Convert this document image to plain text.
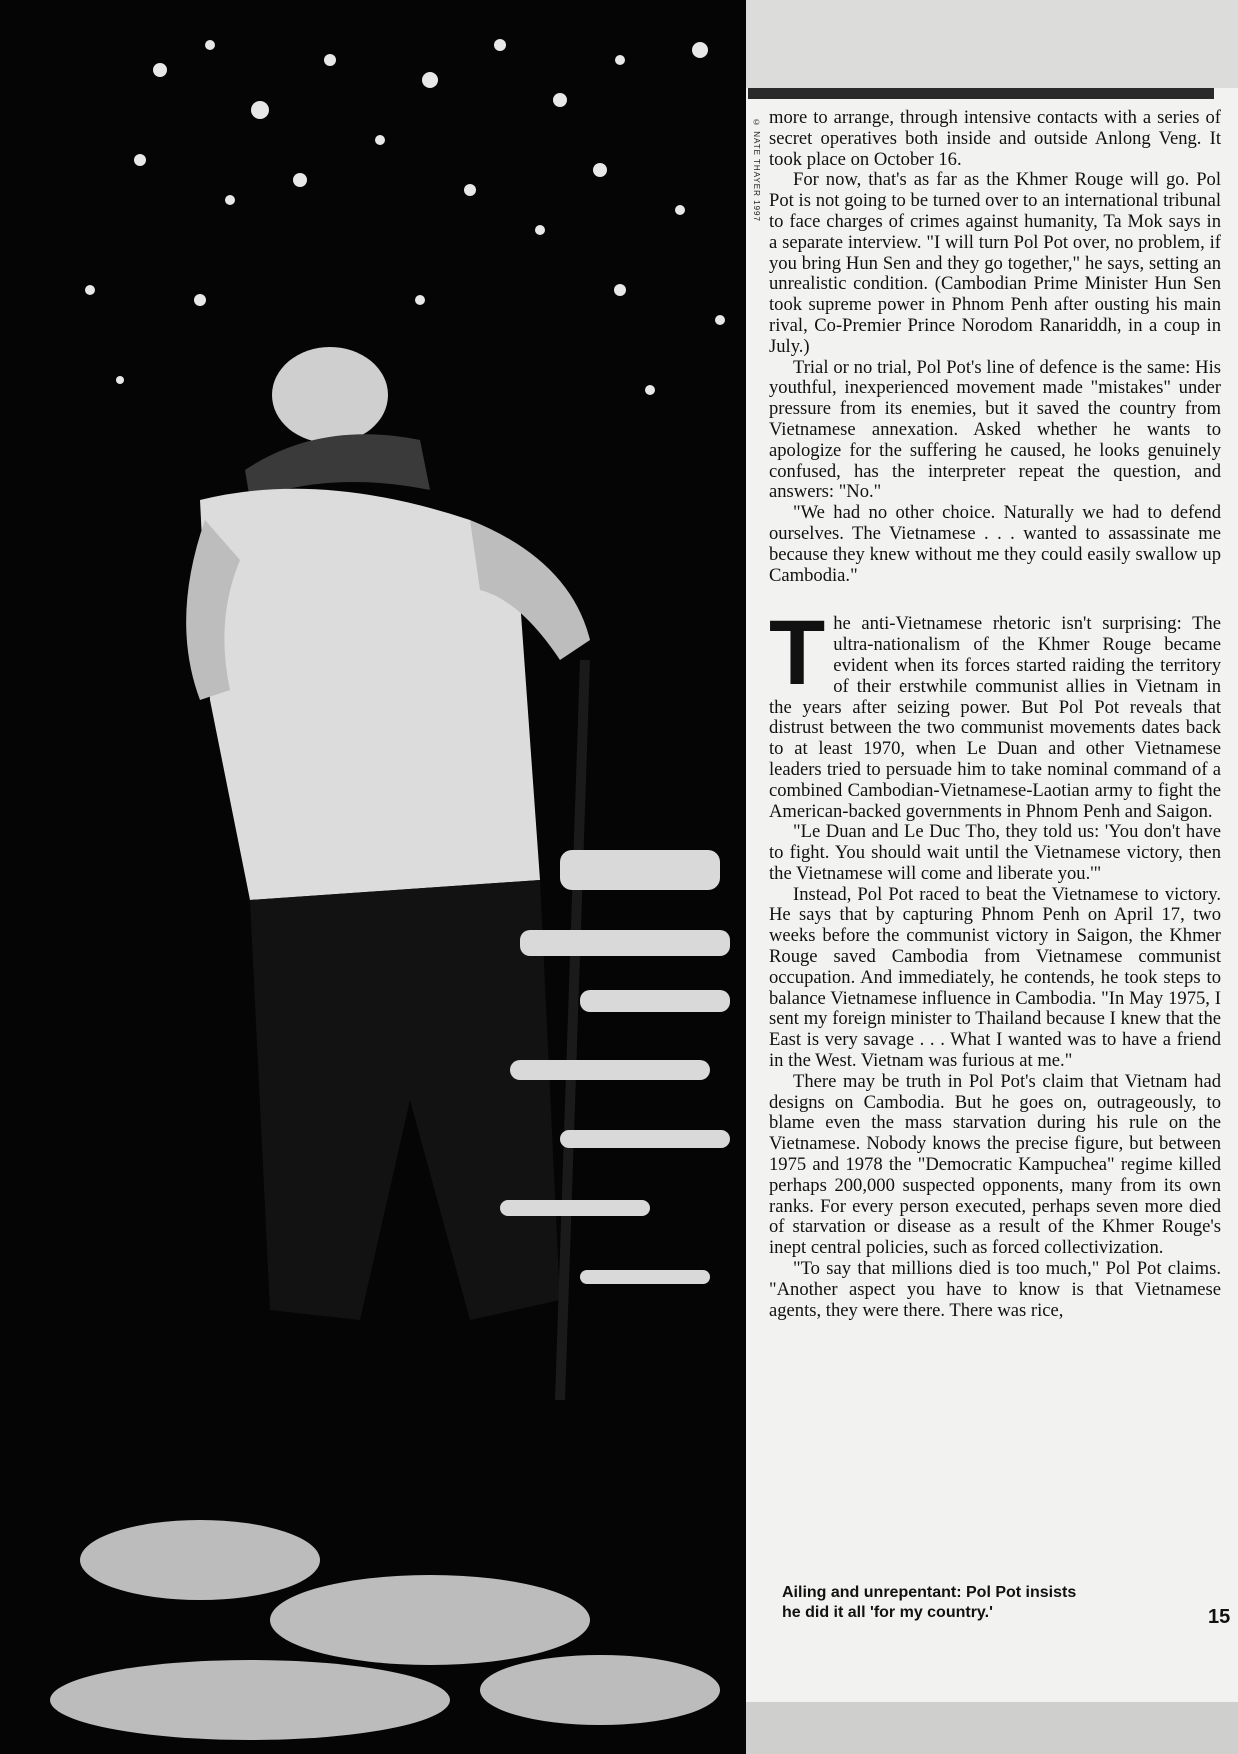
© NATE THAYER 1997

more to arrange, through intensive contacts with a series of secret operatives both inside and outside Anlong Veng. It took place on October 16.

For now, that's as far as the Khmer Rouge will go. Pol Pot is not going to be turned over to an international tribunal to face charges of crimes against humanity, Ta Mok says in a separate interview. "I will turn Pol Pot over, no problem, if you bring Hun Sen and they go together," he says, setting an unrealistic condition. (Cambodian Prime Minister Hun Sen took supreme power in Phnom Penh after ousting his main rival, Co-Premier Prince Norodom Ranariddh, in a coup in July.)

Trial or no trial, Pol Pot's line of defence is the same: His youthful, inexperienced movement made "mistakes" under pressure from its enemies, but it saved the country from Vietnamese annexation. Asked whether he wants to apologize for the suffering he caused, he looks genuinely confused, has the interpreter repeat the question, and answers: "No."

"We had no other choice. Naturally we had to defend ourselves. The Vietnamese . . . wanted to assassinate me because they knew without me they could easily swallow up Cambodia."

The anti-Vietnamese rhetoric isn't surprising: The ultra-nationalism of the Khmer Rouge became evident when its forces started raiding the territory of their erstwhile communist allies in Vietnam in the years after seizing power. But Pol Pot reveals that distrust between the two communist movements dates back to at least 1970, when Le Duan and other Vietnamese leaders tried to persuade him to take nominal command of a combined Cambodian-Vietnamese-Laotian army to fight the American-backed governments in Phnom Penh and Saigon.

"Le Duan and Le Duc Tho, they told us: 'You don't have to fight. You should wait until the Vietnamese victory, then the Vietnamese will come and liberate you.'"

Instead, Pol Pot raced to beat the Vietnamese to victory. He says that by capturing Phnom Penh on April 17, two weeks before the communist victory in Saigon, the Khmer Rouge saved Cambodia from Vietnamese communist occupation. And immediately, he contends, he took steps to balance Vietnamese influence in Cambodia. "In May 1975, I sent my foreign minister to Thailand because I knew that the East is very savage . . . What I wanted was to have a friend in the West. Vietnam was furious at me."

There may be truth in Pol Pot's claim that Vietnam had designs on Cambodia. But he goes on, outrageously, to blame even the mass starvation during his rule on the Vietnamese. Nobody knows the precise figure, but between 1975 and 1978 the "Democratic Kampuchea" regime killed perhaps 200,000 suspected opponents, many from its own ranks. For every person executed, perhaps seven more died of starvation or disease as a result of the Khmer Rouge's inept central policies, such as forced collectivization.

"To say that millions died is too much," Pol Pot claims. "Another aspect you have to know is that Vietnamese agents, they were there. There was rice,

Ailing and unrepentant: Pol Pot insists
he did it all 'for my country.'	15
